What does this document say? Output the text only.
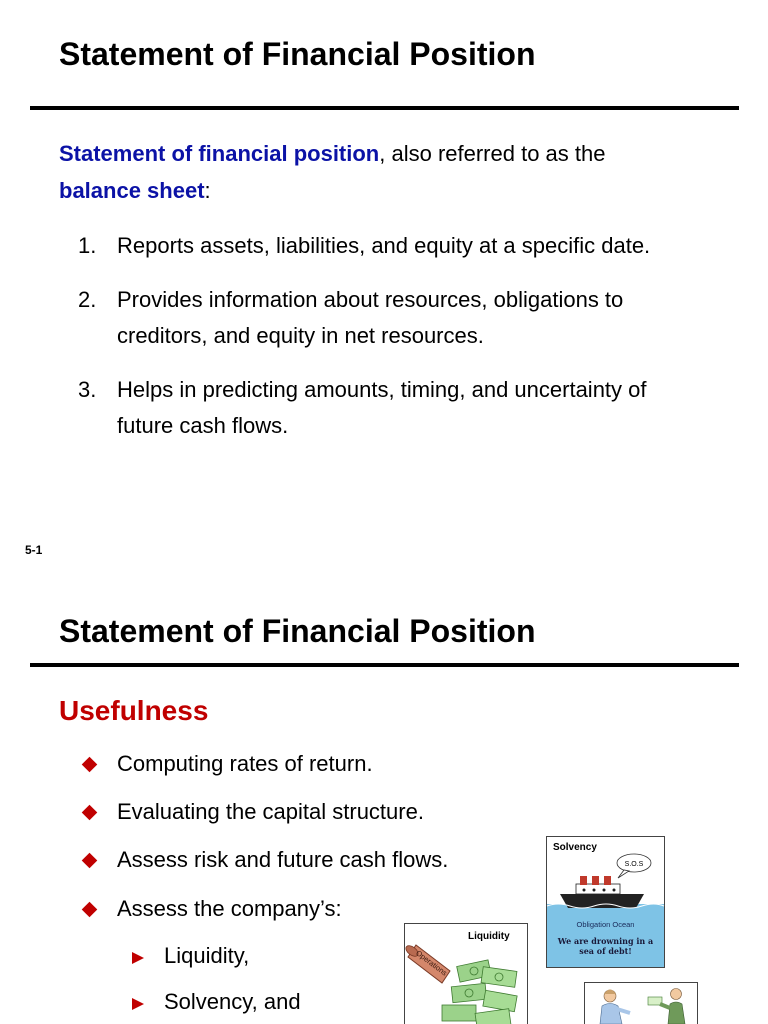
Statement of Financial Position
Statement of financial position, also referred to as the
balance sheet:
1. Reports assets, liabilities, and equity at a specific date.
2. Provides information about resources, obligations to creditors, and equity in net resources.
3. Helps in predicting amounts, timing, and uncertainty of future cash flows.
5-1
Statement of Financial Position
Usefulness
Computing rates of return.
Evaluating the capital structure.
Assess risk and future cash flows.
Assess the company’s:
Liquidity,
Solvency, and
Solvency
S.O.S
Obligation Ocean
We are drowning in a sea of debt!
Liquidity
Operations
